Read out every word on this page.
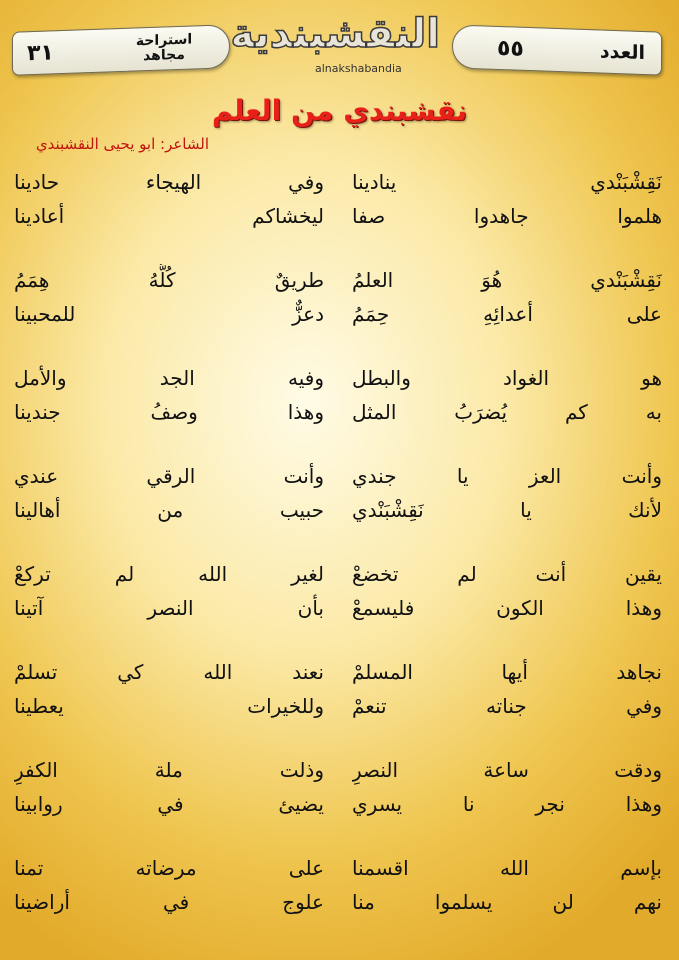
٣١	استراحة مجاهد	النقشبندية
alnakshabandia
٥٥	العدد
نقشبندي من العلم
الشاعر: ابو يحيى النقشبندي
نَقِشْبَنْدي ينادينا
وفي الهيجاء حادينا
هلموا جاهدوا صفا
ليخشاكم أعادينا
نَقِشْبَنْدي هُوَ العلمُ
طريقٌ كُلُّهُ هِمَمُ
على أعدائِهِ حِمَمُ
دعزٌّ للمحبينا
هو الغواد والبطل
وفيه الجد والأمل
به كم يُضرَبُ المثل
وهذا وصفُ جندينا
وأنت العز يا جندي
وأنت الرقي عندي
لأنك يا نَقِشْبَنْدي
حبيب من أهالينا
يقين أنت لم تخضعْ
لغير الله لم تركعْ
وهذا الكون فليسمعْ
بأن النصر آتينا
نجاهد أيها المسلمْ
نعند الله كي تسلمْ
وفي جناته تنعمْ
وللخيرات يعطينا
ودقت ساعة النصرِ
وذلت ملة الكفرِ
وهذا نجر نا يسري
يضيئ في روابينا
بإسم الله اقسمنا
على مرضاته تمنا
نهم لن يسلموا منا
علوج في أراضينا
